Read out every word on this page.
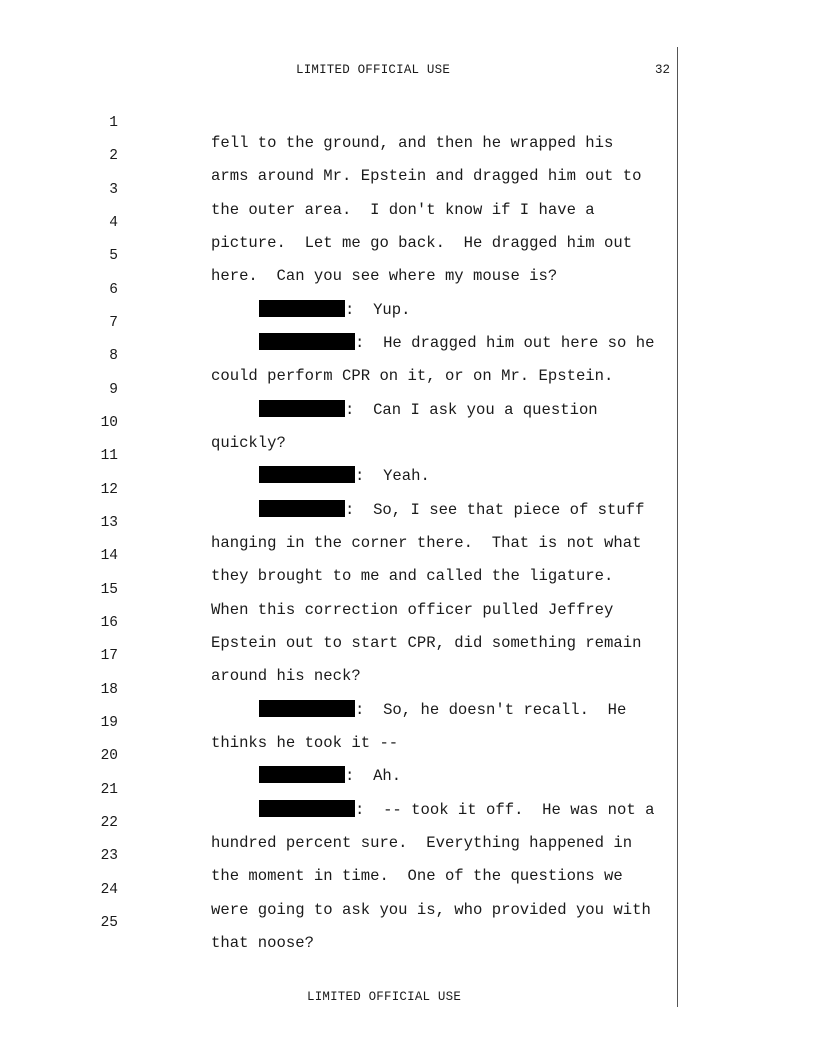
LIMITED OFFICIAL USE	32

1

fell to the ground, and then he wrapped his

2

arms around Mr. Epstein and dragged him out to

3

the outer area.  I don't know if I have a

4

picture.  Let me go back.  He dragged him out

5

here.  Can you see where my mouse is?

6

:  Yup.

7

:  He dragged him out here so he

8

could perform CPR on it, or on Mr. Epstein.

9

:  Can I ask you a question

10

quickly?

11

:  Yeah.

12

:  So, I see that piece of stuff

13

hanging in the corner there.  That is not what

14

they brought to me and called the ligature.

15

When this correction officer pulled Jeffrey

16

Epstein out to start CPR, did something remain

17

around his neck?

18

:  So, he doesn't recall.  He

19

thinks he took it --

20

:  Ah.

21

:  -- took it off.  He was not a

22

hundred percent sure.  Everything happened in

23

the moment in time.  One of the questions we

24

were going to ask you is, who provided you with

25

that noose?

LIMITED OFFICIAL USE
